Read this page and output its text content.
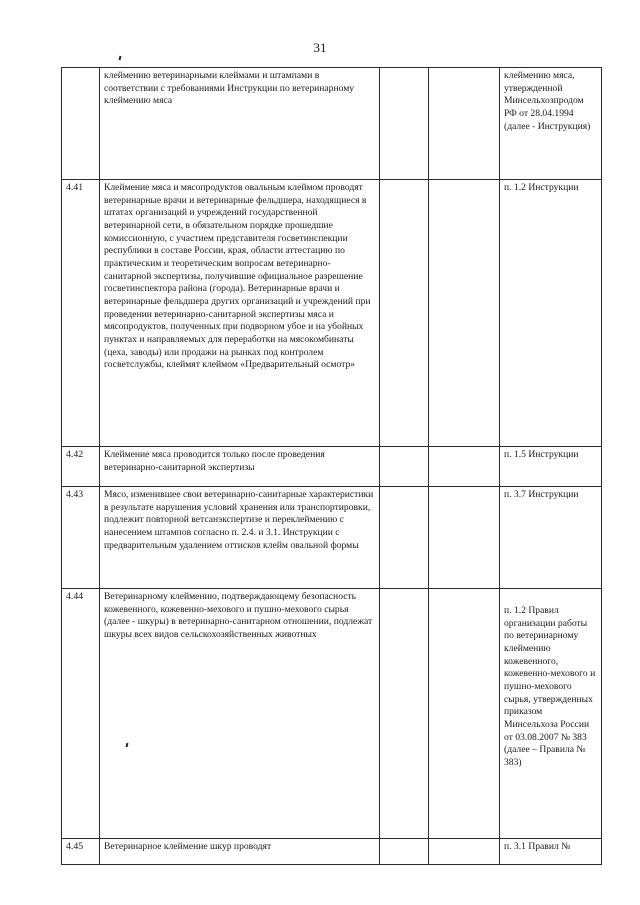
31
	клеймению ветеринарными клеймами и штампами в соответствии с требованиями Инструкции по ветеринарному клеймению мяса			клеймению мяса, утвержденной Минсельхозпродом РФ от 28.04.1994 (далее - Инструкция)
4.41	Клеймение мяса и мясопродуктов овальным клеймом проводят ветеринарные врачи и ветеринарные фельдшера, находящиеся в штатах организаций и учреждений государственной ветеринарной сети, в обязательном порядке прошедшие комиссионную, с участием представителя госветинспекции республики в составе России, края, области аттестацию по практическим и теоретическим вопросам ветеринарно-санитарной экспертизы, получившие официальное разрешение госветинспектора района (города). Ветеринарные врачи и ветеринарные фельдшера других организаций и учреждений при проведении ветеринарно-санитарной экспертизы мяса и мясопродуктов, полученных при подворном убое и на убойных пунктах и направляемых для переработки на мясокомбинаты (цеха, заводы) или продажи на рынках под контролем госветслужбы, клеймят клеймом «Предварительный осмотр»			п. 1.2 Инструкции
4.42	Клеймение мяса проводится только после проведения ветеринарно-санитарной экспертизы			п. 1.5 Инструкции
4.43	Мясо, изменившее свои ветеринарно-санитарные характеристики в результате нарушения условий хранения или транспортировки, подлежит повторной ветсанэкспертизе и переклеймению с нанесением штампов согласно п. 2.4. и 3.1. Инструкции с предварительным удалением оттисков клейм овальной формы			п. 3.7 Инструкции
4.44	Ветеринарному клеймению, подтверждающему безопасность кожевенного, кожевенно-мехового и пушно-мехового сырья (далее - шкуры) в ветеринарно-санитарном отношении, подлежат шкуры всех видов сельскохозяйственных животных			п. 1.2 Правил организации работы по ветеринарному клеймению кожевенного, кожевенно-мехового и пушно-мехового сырья, утвержденных приказом Минсельхоза России от 03.08.2007 № 383 (далее – Правила № 383)
4.45	Ветеринарное клеймение шкур проводят			п. 3.1 Правил №
